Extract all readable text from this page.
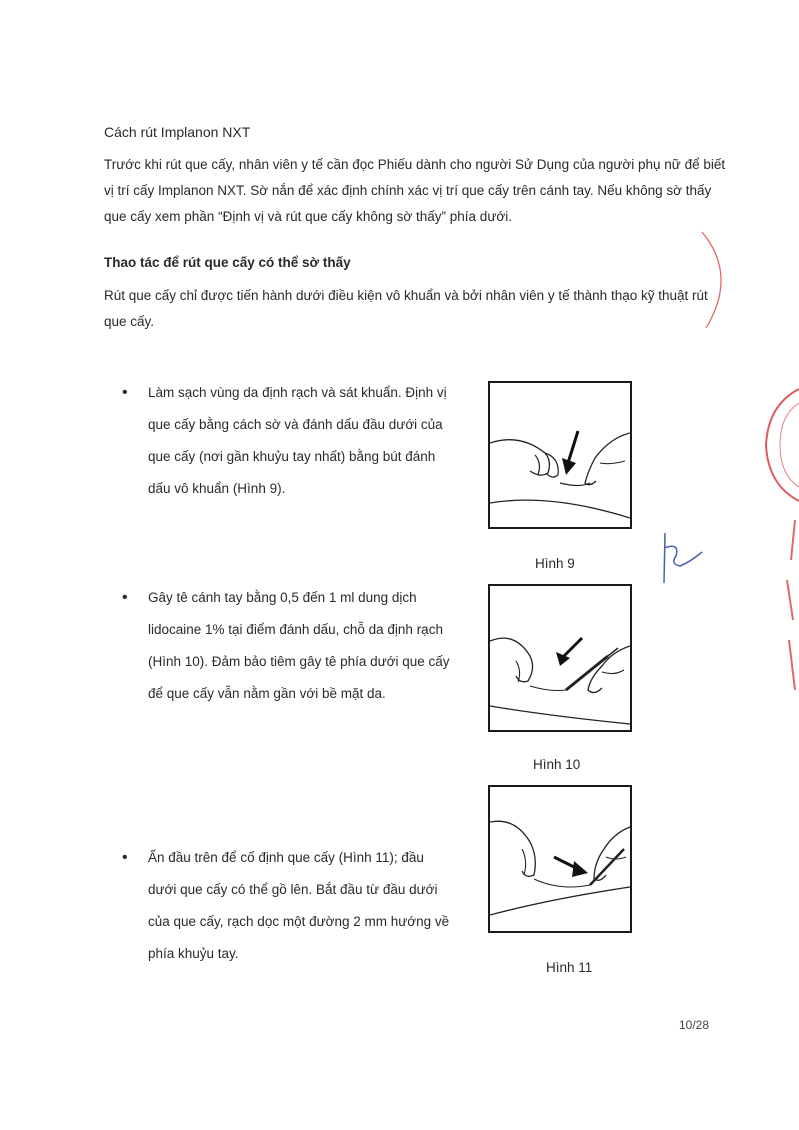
Cách rút Implanon NXT
Trước khi rút que cấy, nhân viên y tế cần đọc Phiếu dành cho người Sử Dụng của người phụ nữ để biết vị trí cấy Implanon NXT. Sờ nắn để xác định chính xác vị trí que cấy trên cánh tay. Nếu không sờ thấy que cấy xem phần “Định vị và rút que cấy không sờ thấy” phía dưới.
Thao tác để rút que cấy có thể sờ thấy
Rút que cấy chỉ được tiến hành dưới điều kiện vô khuẩn và bởi nhân viên y tế thành thạo kỹ thuật rút que cấy.
• Làm sạch vùng da định rạch và sát khuẩn. Định vị que cấy bằng cách sờ và đánh dấu đầu dưới của que cấy (nơi gần khuỷu tay nhất) bằng bút đánh dấu vô khuẩn (Hình 9).
Hình 9
• Gây tê cánh tay bằng 0,5 đến 1 ml dung dịch lidocaine 1% tại điểm đánh dấu, chỗ da định rạch (Hình 10). Đảm bảo tiêm gây tê phía dưới que cấy để que cấy vẫn nằm gần với bề mặt da.
Hình 10
• Ấn đầu trên để cố định que cấy (Hình 11); đầu dưới que cấy có thể gồ lên. Bắt đầu từ đầu dưới của que cấy, rạch dọc một đường 2 mm hướng về phía khuỷu tay.
Hình 11
10/28
